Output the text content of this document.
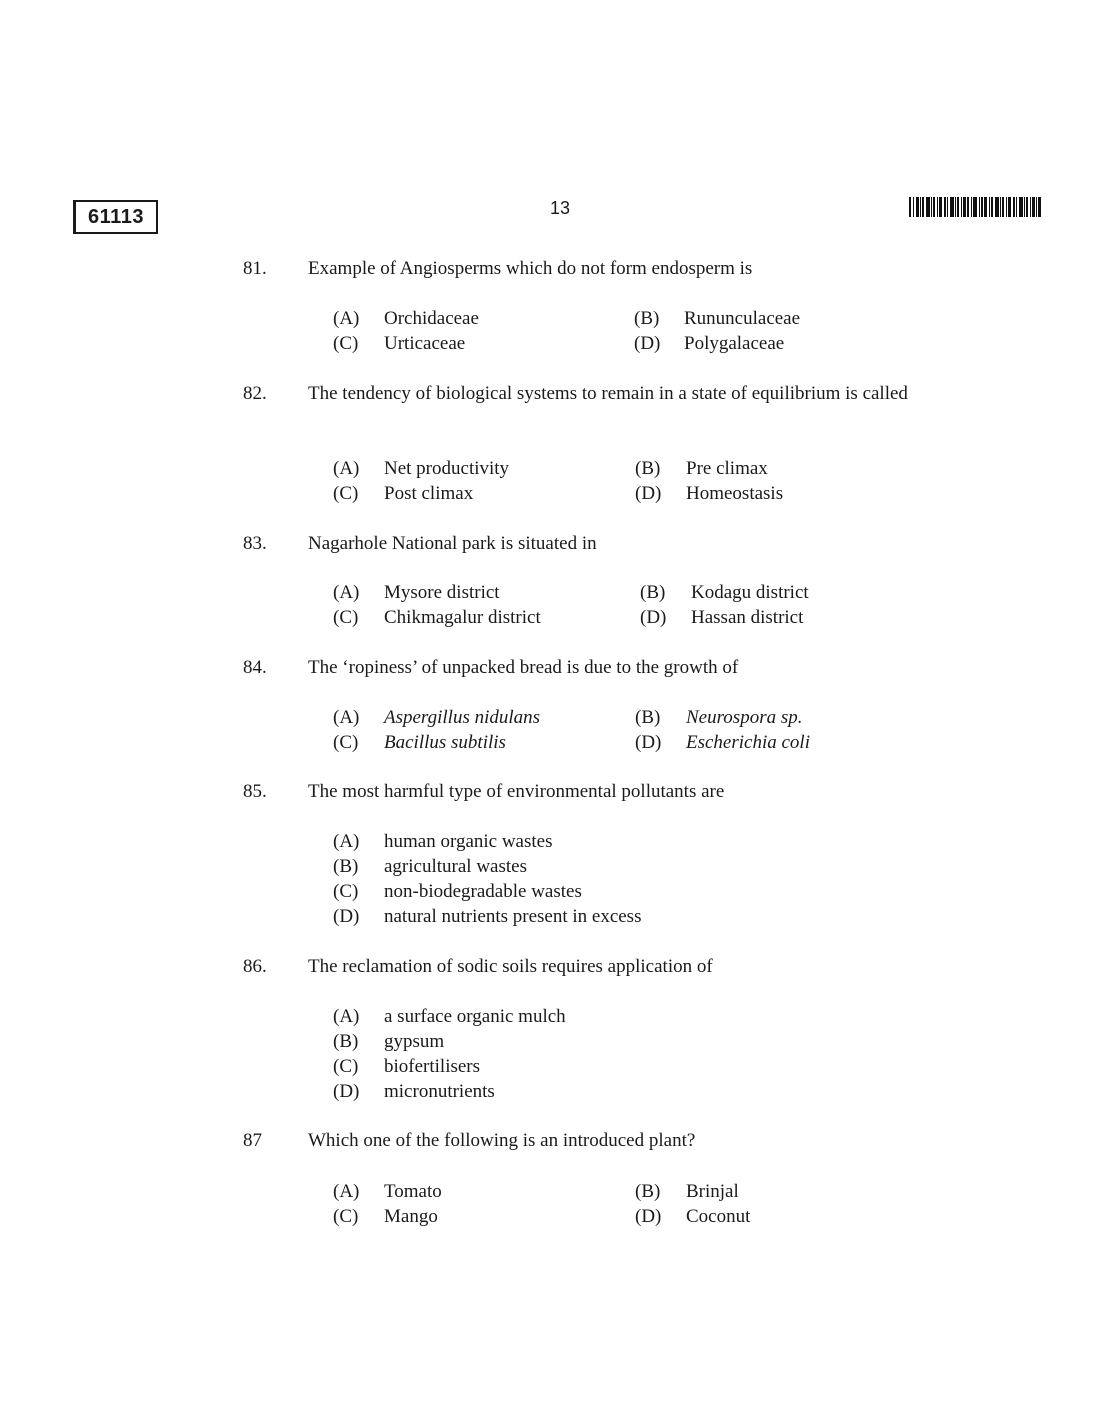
61113	13
81. Example of Angiosperms which do not form endosperm is
(A) Orchidaceae	(B) Rununculaceae
(C) Urticaceae	(D) Polygalaceae
82. The tendency of biological systems to remain in a state of equilibrium is called
(A) Net productivity	(B) Pre climax
(C) Post climax	(D) Homeostasis
83. Nagarhole National park is situated in
(A) Mysore district	(B) Kodagu district
(C) Chikmagalur district	(D) Hassan district
84. The ‘ropiness’ of unpacked bread is due to the growth of
(A) Aspergillus nidulans	(B) Neurospora sp.
(C) Bacillus subtilis	(D) Escherichia coli
85. The most harmful type of environmental pollutants are
(A) human organic wastes
(B) agricultural wastes
(C) non-biodegradable wastes
(D) natural nutrients present in excess
86. The reclamation of sodic soils requires application of
(A) a surface organic mulch
(B) gypsum
(C) biofertilisers
(D) micronutrients
87 Which one of the following is an introduced plant?
(A) Tomato	(B) Brinjal
(C) Mango	(D) Coconut
